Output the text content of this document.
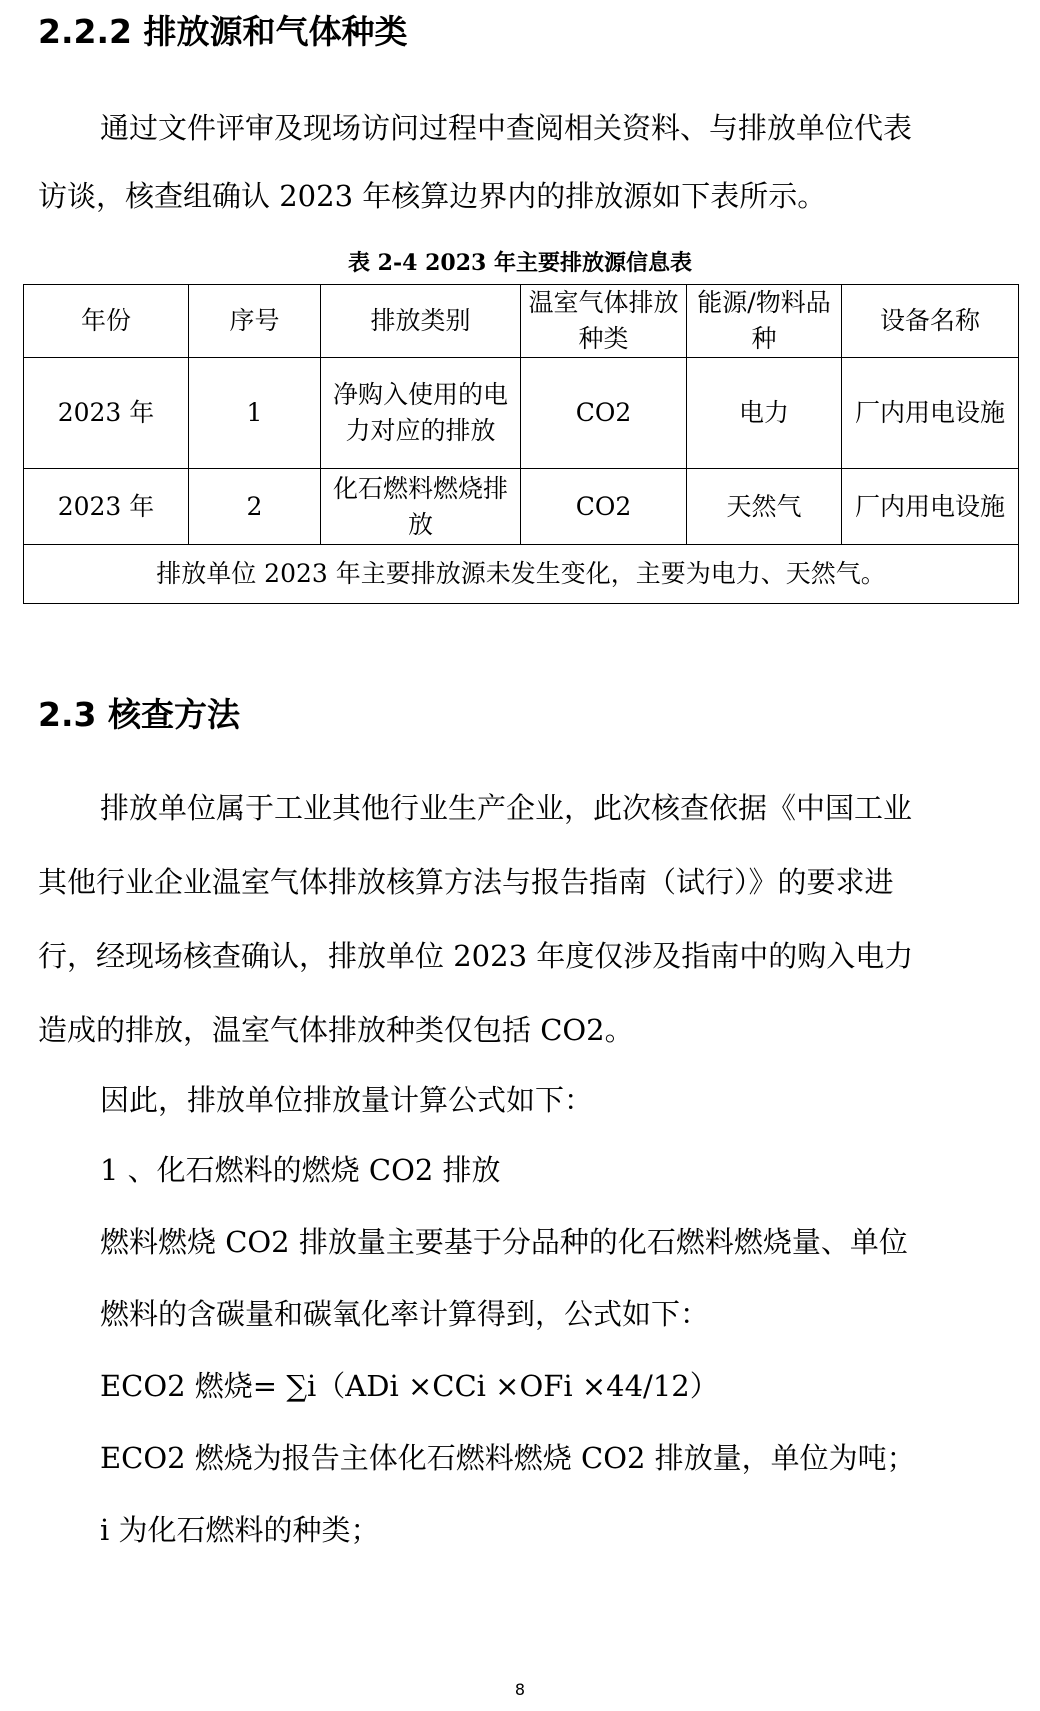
2.2.2 排放源和气体种类

通过文件评审及现场访问过程中查阅相关资料、与排放单位代表

访谈，核查组确认 2023 年核算边界内的排放源如下表所示。

表 2-4 2023 年主要排放源信息表
年份	序号	排放类别	温室气体排放种类	能源/物料品种	设备名称
2023 年	1	净购入使用的电力对应的排放	CO2	电力	厂内用电设施
2023 年	2	化石燃料燃烧排放	CO2	天然气	厂内用电设施
排放单位 2023 年主要排放源未发生变化，主要为电力、天然气。					
2.3 核查方法

排放单位属于工业其他行业生产企业，此次核查依据《中国工业

其他行业企业温室气体排放核算方法与报告指南（试行）》的要求进

行，经现场核查确认，排放单位 2023 年度仅涉及指南中的购入电力

造成的排放，温室气体排放种类仅包括 CO2。

因此，排放单位排放量计算公式如下：

1 、化石燃料的燃烧 CO2 排放

燃料燃烧 CO2 排放量主要基于分品种的化石燃料燃烧量、单位

燃料的含碳量和碳氧化率计算得到，公式如下：

ECO2 燃烧= ∑i（ADi ×CCi ×OFi ×44/12）

ECO2 燃烧为报告主体化石燃料燃烧 CO2 排放量，单位为吨；

i 为化石燃料的种类；

8
